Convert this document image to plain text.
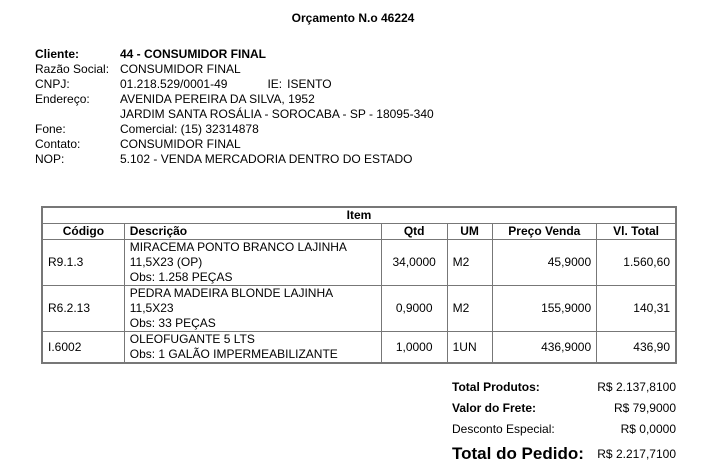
Orçamento N.o 46224
Cliente:	44 - CONSUMIDOR FINAL
Razão Social: CONSUMIDOR FINAL
CNPJ:	01.218.529/0001-49	IE: ISENTO
Endereço:	AVENIDA PEREIRA DA SILVA, 1952
JARDIM SANTA ROSÁLIA - SOROCABA - SP - 18095-340
Fone:	Comercial: (15) 32314878
Contato:	CONSUMIDOR FINAL
NOP:	5.102 - VENDA MERCADORIA DENTRO DO ESTADO
Item					
Código	Descrição	Qtd	UM	Preço Venda	Vl. Total
R9.1.3	MIRACEMA PONTO BRANCO LAJINHA
11,5X23 (OP)
Obs: 1.258 PEÇAS	34,0000	M2	45,9000	1.560,60
R6.2.13	PEDRA MADEIRA BLONDE LAJINHA 11,5X23
Obs: 33 PEÇAS	0,9000	M2	155,9000	140,31
I.6002	OLEOFUGANTE 5 LTS
Obs: 1 GALÃO IMPERMEABILIZANTE	1,0000	1UN	436,9000	436,90
Total Produtos:	R$ 2.137,8100
Valor do Frete:	R$ 79,9000
Desconto Especial:	R$ 0,0000
Total do Pedido: R$ 2.217,7100
